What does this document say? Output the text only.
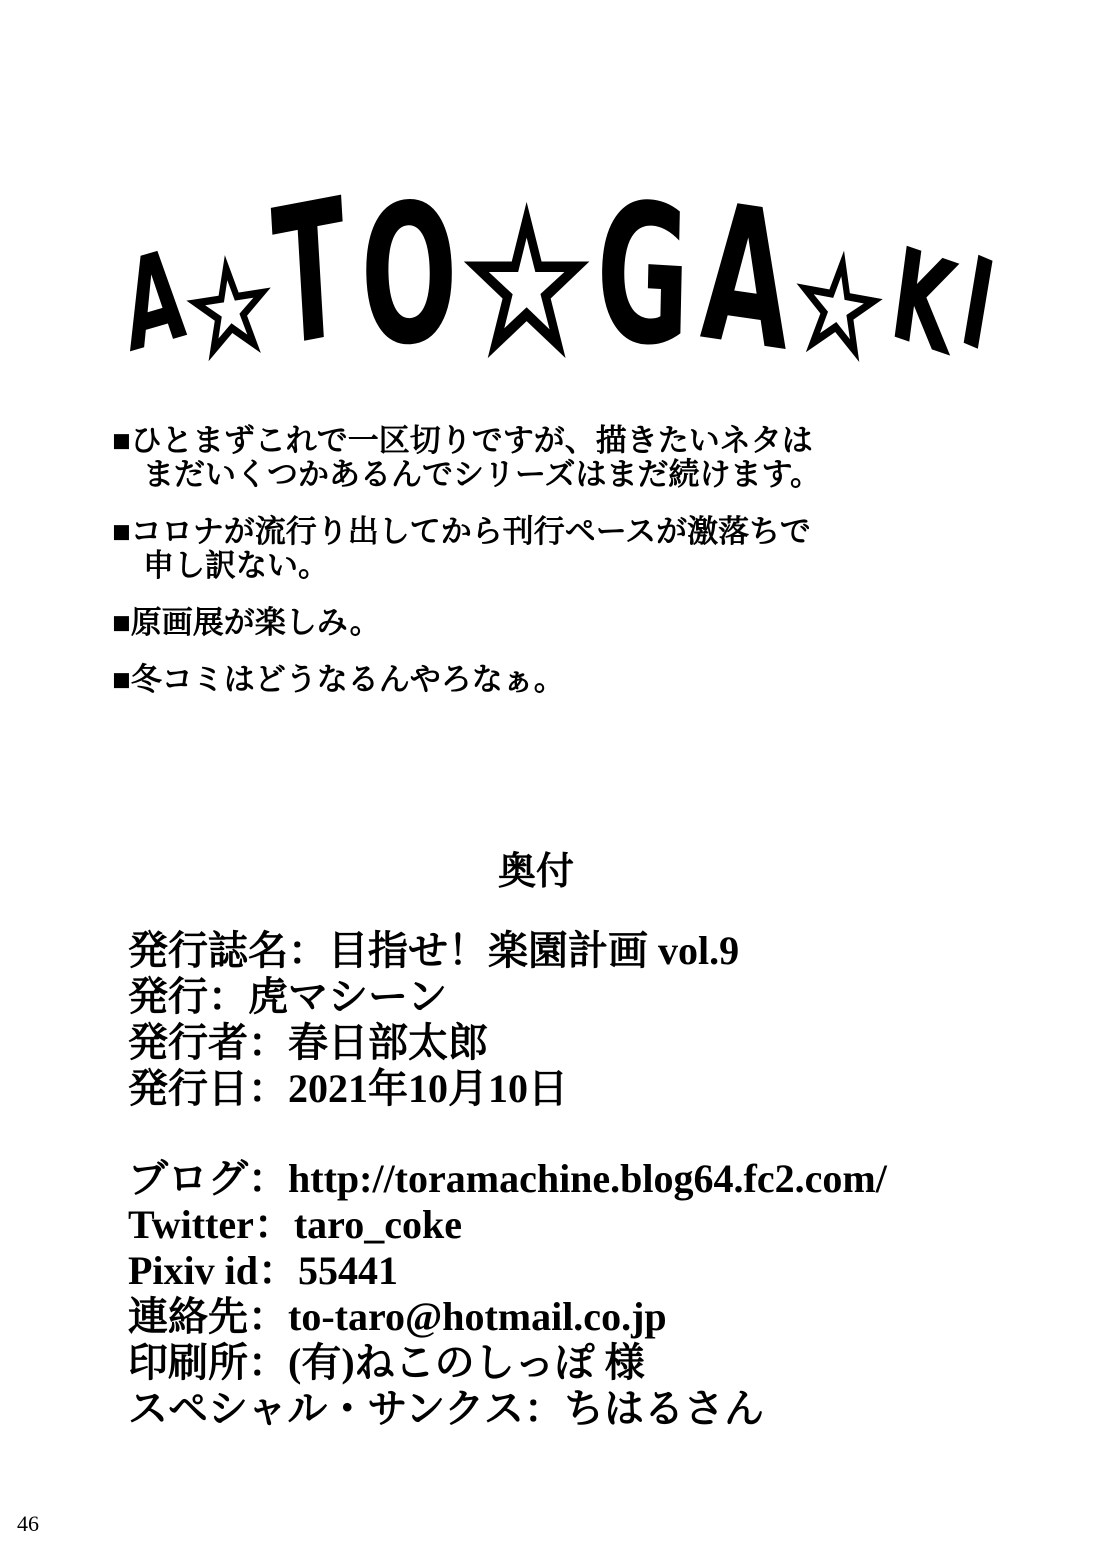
A
☆
T O ☆ G A
☆
K
I
■ひとまずこれで一区切りですが、描きたいネタは
まだいくつかあるんでシリーズはまだ続けます。
■コロナが流行り出してから刊行ペースが激落ちで
申し訳ない。
■原画展が楽しみ。
■冬コミはどうなるんやろなぁ。
奥付
発行誌名：目指せ！楽園計画 vol.9
発行：虎マシーン
発行者：春日部太郎
発行日：2021年10月10日
ブログ：http://toramachine.blog64.fc2.com/
Twitter：taro_coke
Pixiv id：55441
連絡先：to-taro@hotmail.co.jp
印刷所：(有)ねこのしっぽ 様
スペシャル・サンクス：ちはるさん
46
